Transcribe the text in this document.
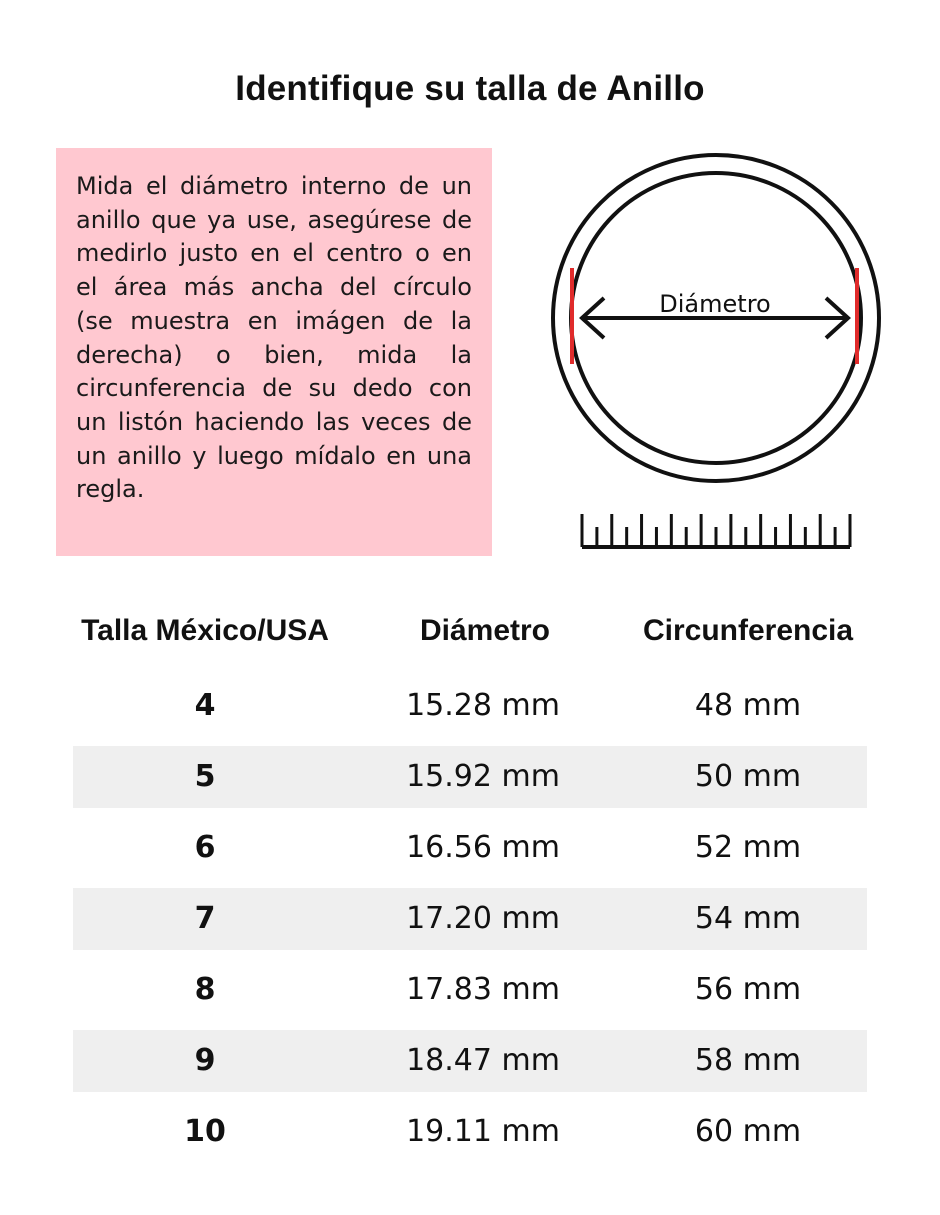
Identifique su talla de Anillo

Mida el diámetro interno de un anillo que ya use, asegúrese de medirlo justo en el centro o en el área más ancha del círculo (se muestra en imágen de la derecha) o bien, mida la circunferencia de su dedo con un listón haciendo las veces de un anillo y luego mídalo en una regla.

Diámetro
Talla México/USA	Diámetro	Circunferencia
4	15.28 mm	48 mm
5	15.92 mm	50 mm
6	16.56 mm	52 mm
7	17.20 mm	54 mm
8	17.83 mm	56 mm
9	18.47 mm	58 mm
10	19.11 mm	60 mm
